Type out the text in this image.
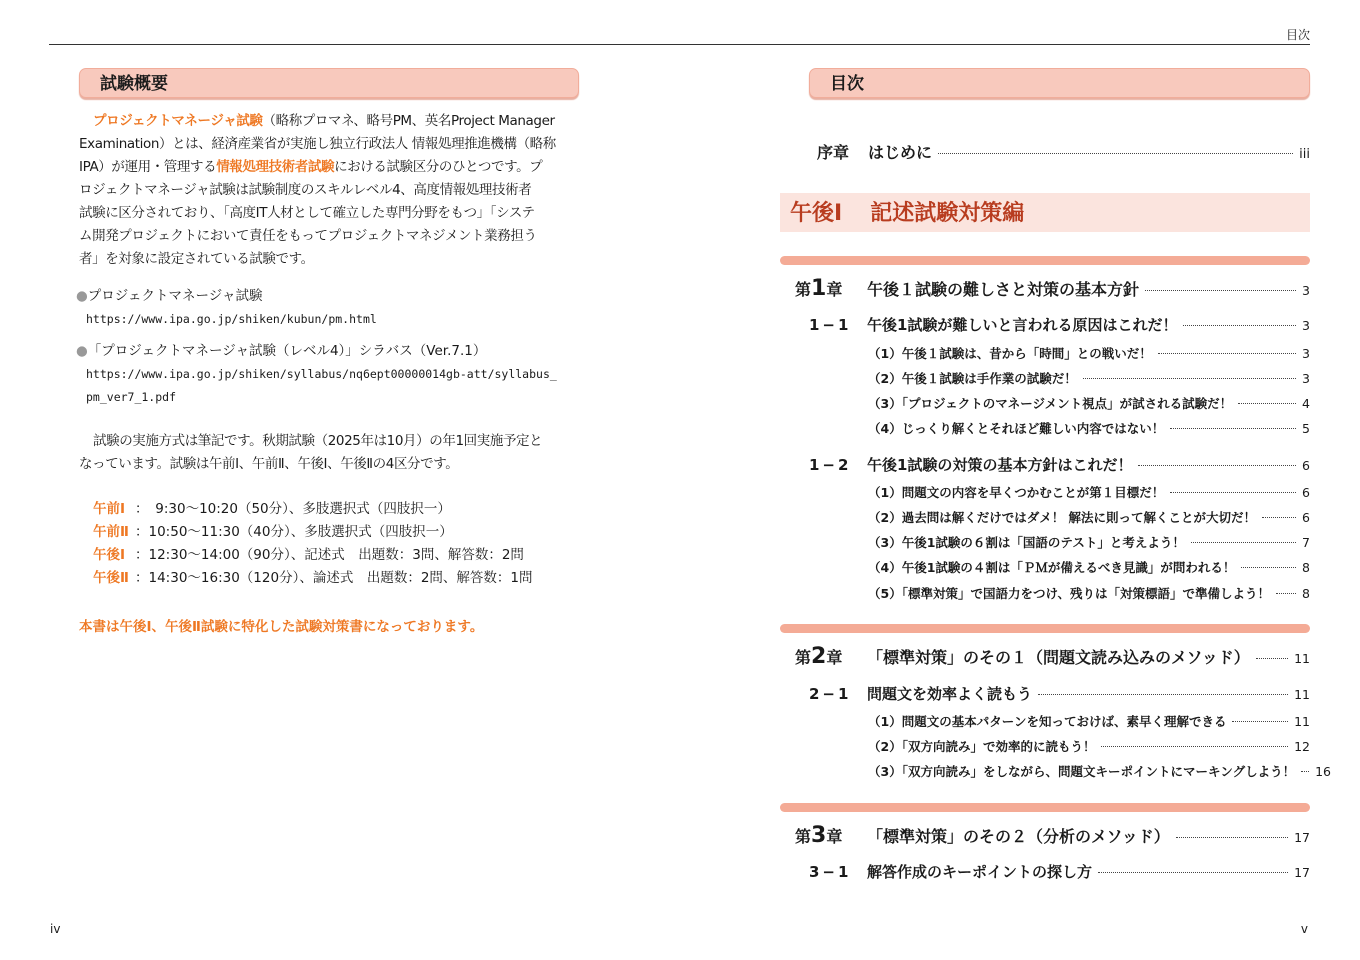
目次
試験概要

プロジェクトマネージャ試験（略称プロマネ、略号PM、英名Project Manager

Examination）とは、経済産業省が実施し独立行政法人 情報処理推進機構（略称

IPA）が運用・管理する情報処理技術者試験における試験区分のひとつです。プ

ロジェクトマネージャ試験は試験制度のスキルレベル4、高度情報処理技術者

試験に区分されており、「高度IT人材として確立した専門分野をもつ」「システ

ム開発プロジェクトにおいて責任をもってプロジェクトマネジメント業務担う

者」を対象に設定されている試験です。

●プロジェクトマネージャ試験
https://www.ipa.go.jp/shiken/kubun/pm.html
●「プロジェクトマネージャ試験（レベル4）」シラバス（Ver.7.1）
https://www.ipa.go.jp/shiken/syllabus/nq6ept00000014gb-att/syllabus_
pm_ver7_1.pdf

試験の実施方式は筆記です。秋期試験（2025年は10月）の年1回実施予定と

なっています。試験は午前Ⅰ、午前Ⅱ、午後Ⅰ、午後Ⅱの4区分です。

午前Ⅰ ：　9:30〜10:20（50分）、多肢選択式（四肢択一）
午前Ⅱ ：10:50〜11:30（40分）、多肢選択式（四肢択一）
午後Ⅰ ：12:30〜14:00（90分）、記述式　出題数：3問、解答数：2問
午後Ⅱ ：14:30〜16:30（120分）、論述式　出題数：2問、解答数：1問
本書は午後Ⅰ、午後Ⅱ試験に特化した試験対策書になっております。
iv
目次
序章	はじめに	iii
午後Ⅰ 記述試験対策編
第1章	午後１試験の難しさと対策の基本方針	3
1−1	午後1試験が難しいと言われる原因はこれだ！	3
（1）午後１試験は、昔から「時間」との戦いだ！	3
（2）午後１試験は手作業の試験だ！	3
（3）「プロジェクトのマネージメント視点」が試される試験だ！	4
（4）じっくり解くとそれほど難しい内容ではない！	5
1−2	午後1試験の対策の基本方針はこれだ！	6
（1）問題文の内容を早くつかむことが第１目標だ！	6
（2）過去問は解くだけではダメ！ 解法に則って解くことが大切だ！	6
（3）午後1試験の６割は「国語のテスト」と考えよう！	7
（4）午後1試験の４割は「ＰＭが備えるべき見識」が問われる！	8
（5）「標準対策」で国語力をつけ、残りは「対策標語」で準備しよう！	8
第2章	「標準対策」のその１（問題文読み込みのメソッド）	11
2−1	問題文を効率よく読もう	11
（1）問題文の基本パターンを知っておけば、素早く理解できる	11
（2）「双方向読み」で効率的に読もう！	12
（3）「双方向読み」をしながら、問題文キーポイントにマーキングしよう！ 16
第3章	「標準対策」のその２（分析のメソッド）	17
3−1	解答作成のキーポイントの探し方	17
v
